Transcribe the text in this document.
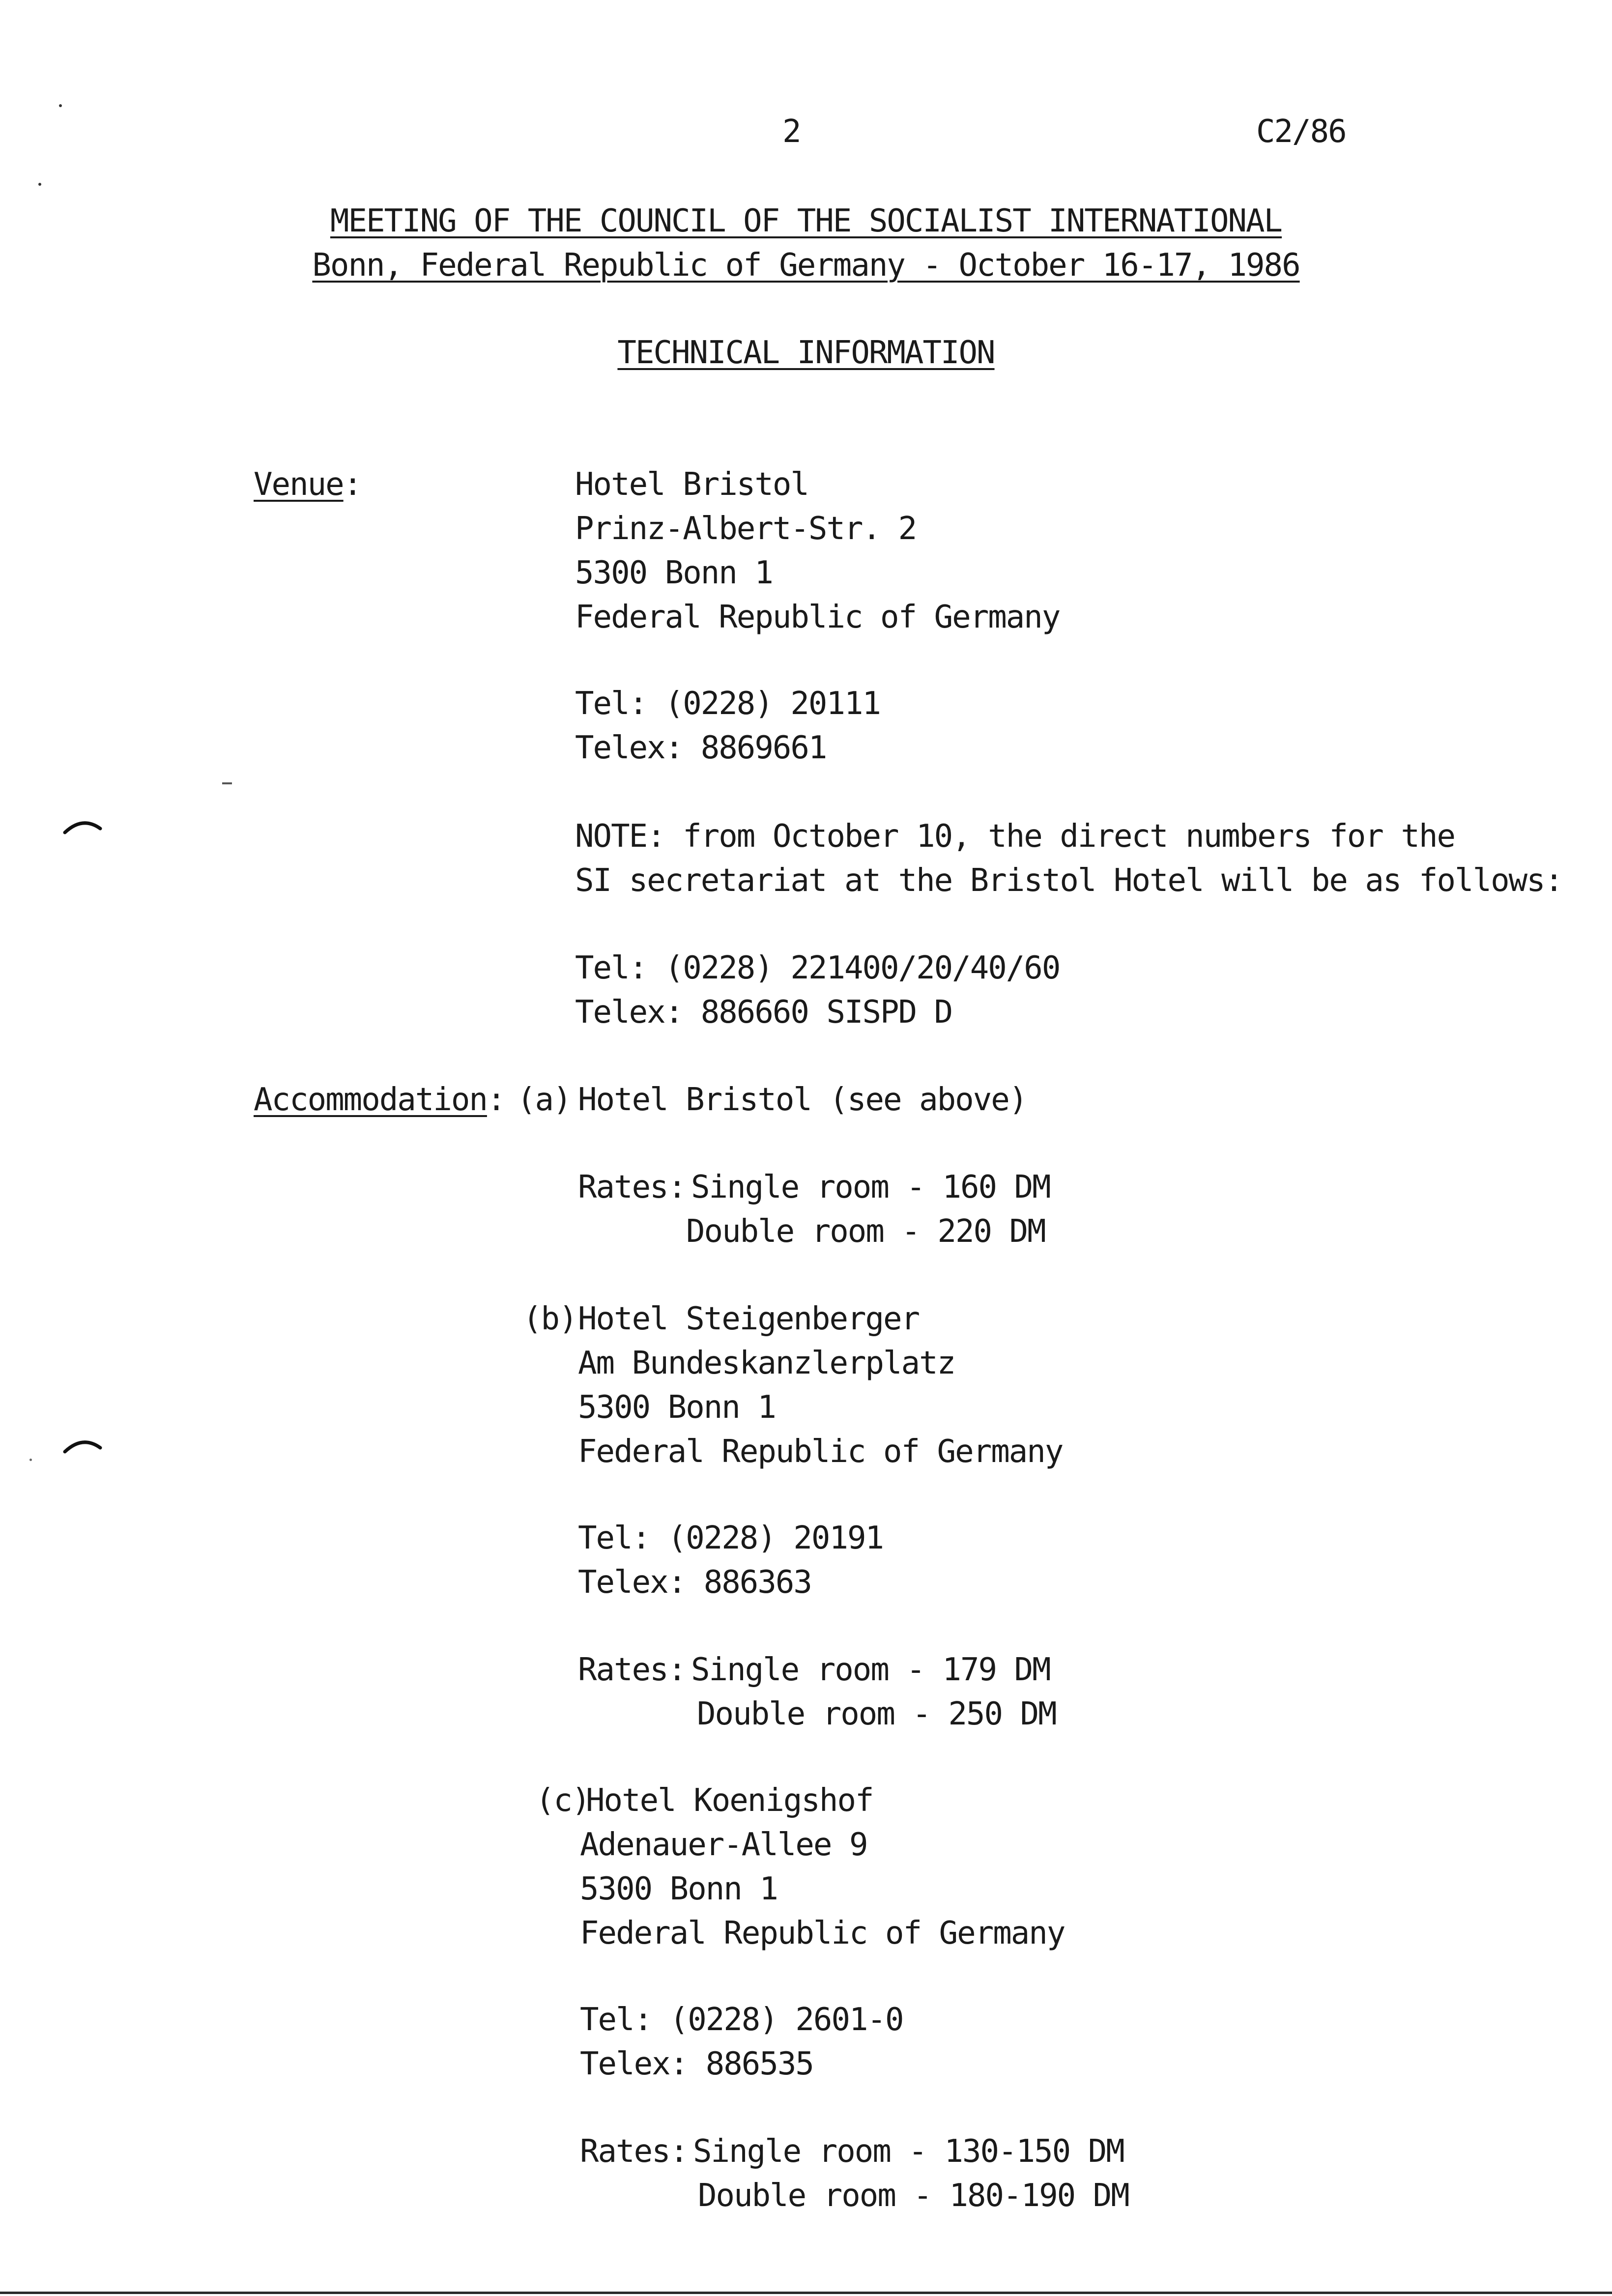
2	C2/86
MEETING OF THE COUNCIL OF THE SOCIALIST INTERNATIONAL
Bonn, Federal Republic of Germany - October 16-17, 1986
TECHNICAL INFORMATION
Venue:	Hotel Bristol
Prinz-Albert-Str. 2
5300 Bonn 1
Federal Republic of Germany
Tel: (0228) 20111
Telex: 8869661
NOTE: from October 10, the direct numbers for the
SI secretariat at the Bristol Hotel will be as follows:
Tel: (0228) 221400/20/40/60
Telex: 886660 SISPD D
Accommodation: (a) Hotel Bristol (see above)
Rates: Single room - 160 DM
Double room - 220 DM
(b) Hotel Steigenberger
Am Bundeskanzlerplatz
5300 Bonn 1
Federal Republic of Germany
Tel: (0228) 20191
Telex: 886363
Rates: Single room - 179 DM
Double room - 250 DM
(c)
Hotel Koenigshof
Adenauer-Allee 9
5300 Bonn 1
Federal Republic of Germany
Tel: (0228) 2601-0
Telex: 886535
Rates: Single room - 130-150 DM
Double room - 180-190 DM
